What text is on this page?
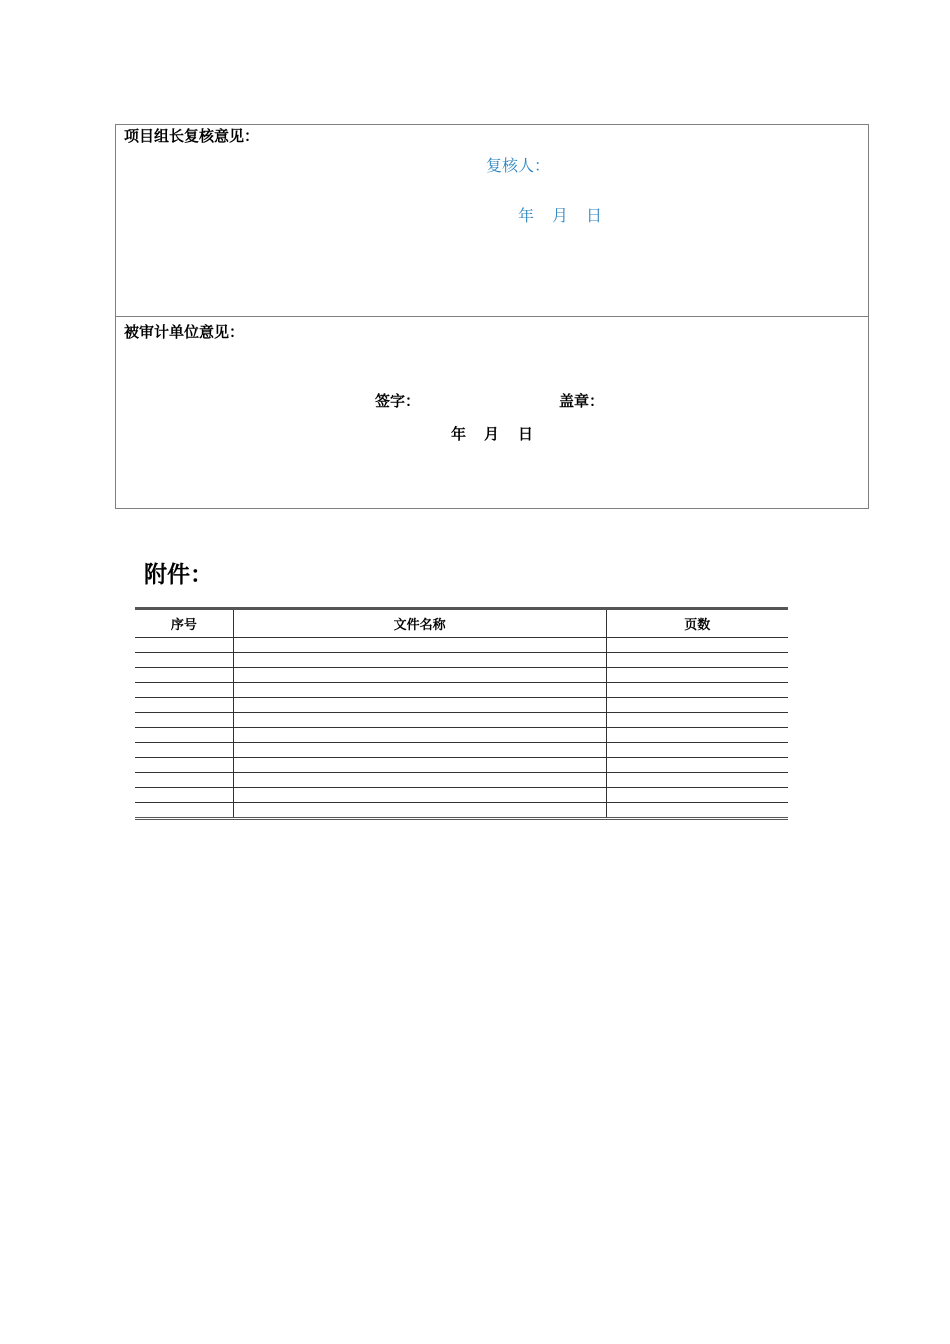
项目组长复核意见：
复核人：
年 月 日
被审计单位意见：
签字：	盖章：
年 月 日
附件：
序号	文件名称	页数
